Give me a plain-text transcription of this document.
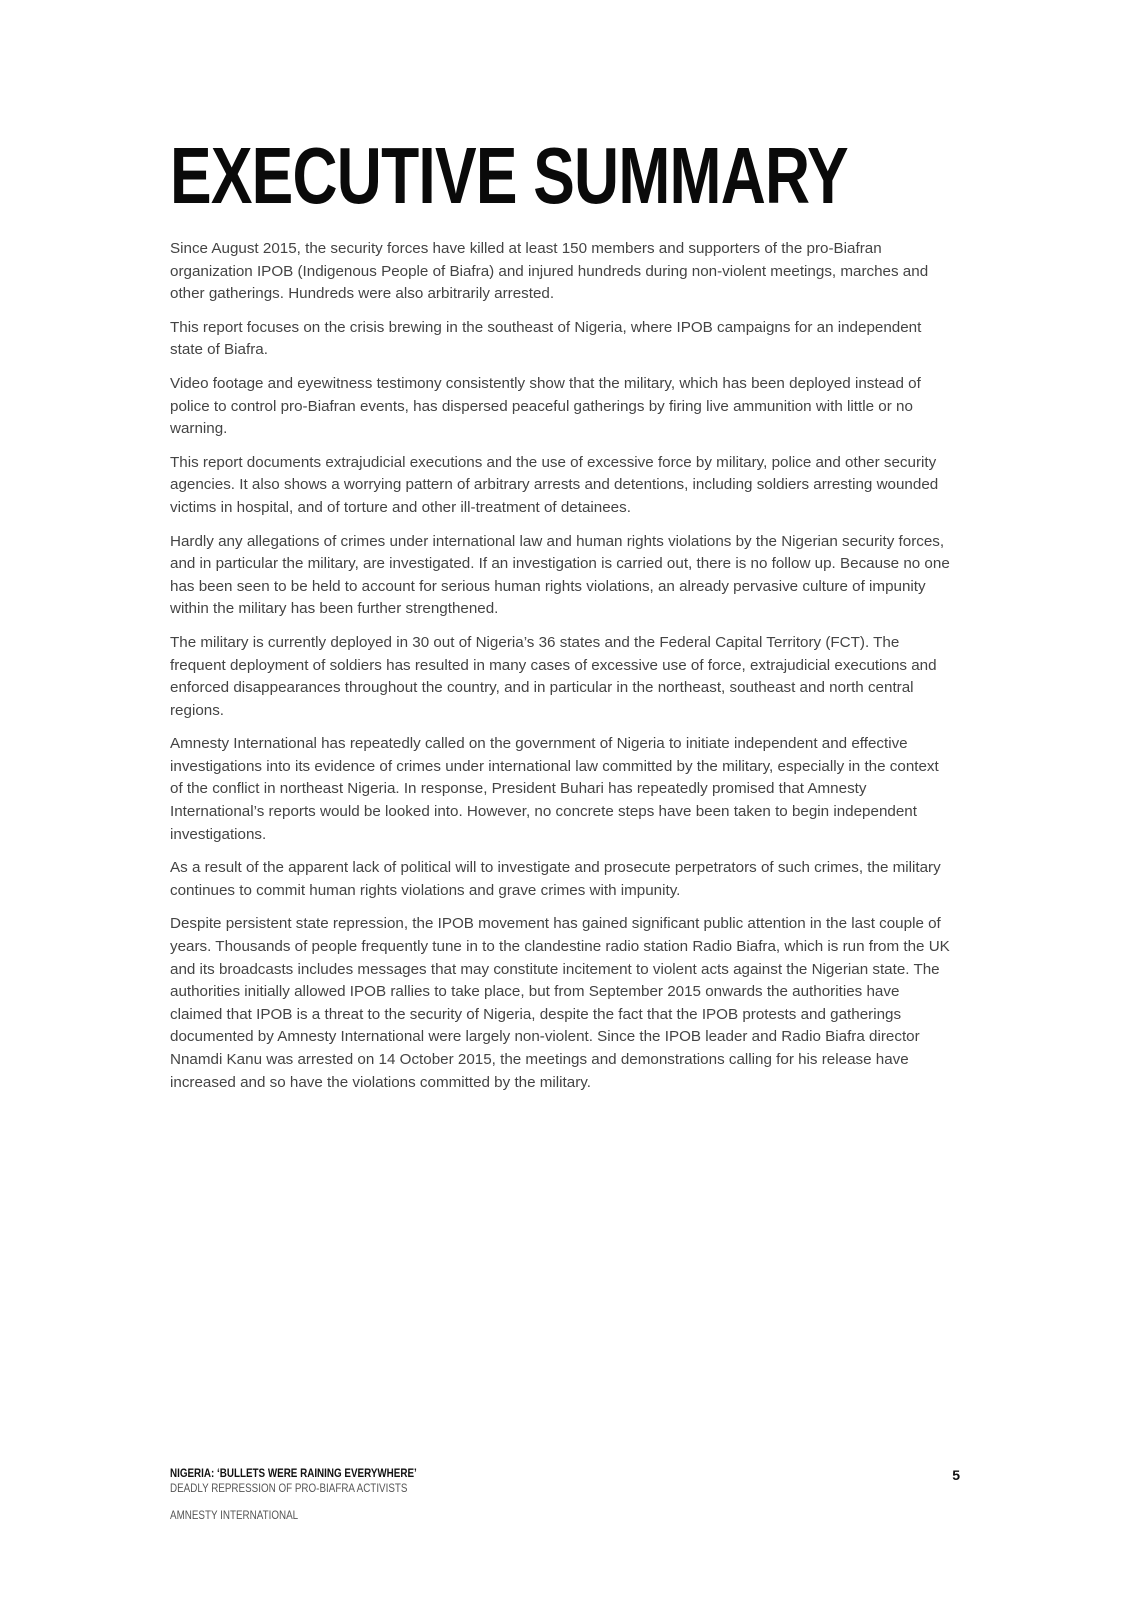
EXECUTIVE SUMMARY

Since August 2015, the security forces have killed at least 150 members and supporters of the pro-Biafran organization IPOB (Indigenous People of Biafra) and injured hundreds during non-violent meetings, marches and other gatherings. Hundreds were also arbitrarily arrested.

This report focuses on the crisis brewing in the southeast of Nigeria, where IPOB campaigns for an independent state of Biafra.

Video footage and eyewitness testimony consistently show that the military, which has been deployed instead of police to control pro-Biafran events, has dispersed peaceful gatherings by firing live ammunition with little or no warning.

This report documents extrajudicial executions and the use of excessive force by military, police and other security agencies. It also shows a worrying pattern of arbitrary arrests and detentions, including soldiers arresting wounded victims in hospital, and of torture and other ill-treatment of detainees.

Hardly any allegations of crimes under international law and human rights violations by the Nigerian security forces, and in particular the military, are investigated. If an investigation is carried out, there is no follow up. Because no one has been seen to be held to account for serious human rights violations, an already pervasive culture of impunity within the military has been further strengthened.

The military is currently deployed in 30 out of Nigeria’s 36 states and the Federal Capital Territory (FCT). The frequent deployment of soldiers has resulted in many cases of excessive use of force, extrajudicial executions and enforced disappearances throughout the country, and in particular in the northeast, southeast and north central regions.

Amnesty International has repeatedly called on the government of Nigeria to initiate independent and effective investigations into its evidence of crimes under international law committed by the military, especially in the context of the conflict in northeast Nigeria. In response, President Buhari has repeatedly promised that Amnesty International’s reports would be looked into. However, no concrete steps have been taken to begin independent investigations.

As a result of the apparent lack of political will to investigate and prosecute perpetrators of such crimes, the military continues to commit human rights violations and grave crimes with impunity.

Despite persistent state repression, the IPOB movement has gained significant public attention in the last couple of years. Thousands of people frequently tune in to the clandestine radio station Radio Biafra, which is run from the UK and its broadcasts includes messages that may constitute incitement to violent acts against the Nigerian state. The authorities initially allowed IPOB rallies to take place, but from September 2015 onwards the authorities have claimed that IPOB is a threat to the security of Nigeria, despite the fact that the IPOB protests and gatherings documented by Amnesty International were largely non-violent. Since the IPOB leader and Radio Biafra director Nnamdi Kanu was arrested on 14 October 2015, the meetings and demonstrations calling for his release have increased and so have the violations committed by the military.

NIGERIA: ‘BULLETS WERE RAINING EVERYWHERE’
DEADLY REPRESSION OF PRO-BIAFRA ACTIVISTS
AMNESTY INTERNATIONAL
5
